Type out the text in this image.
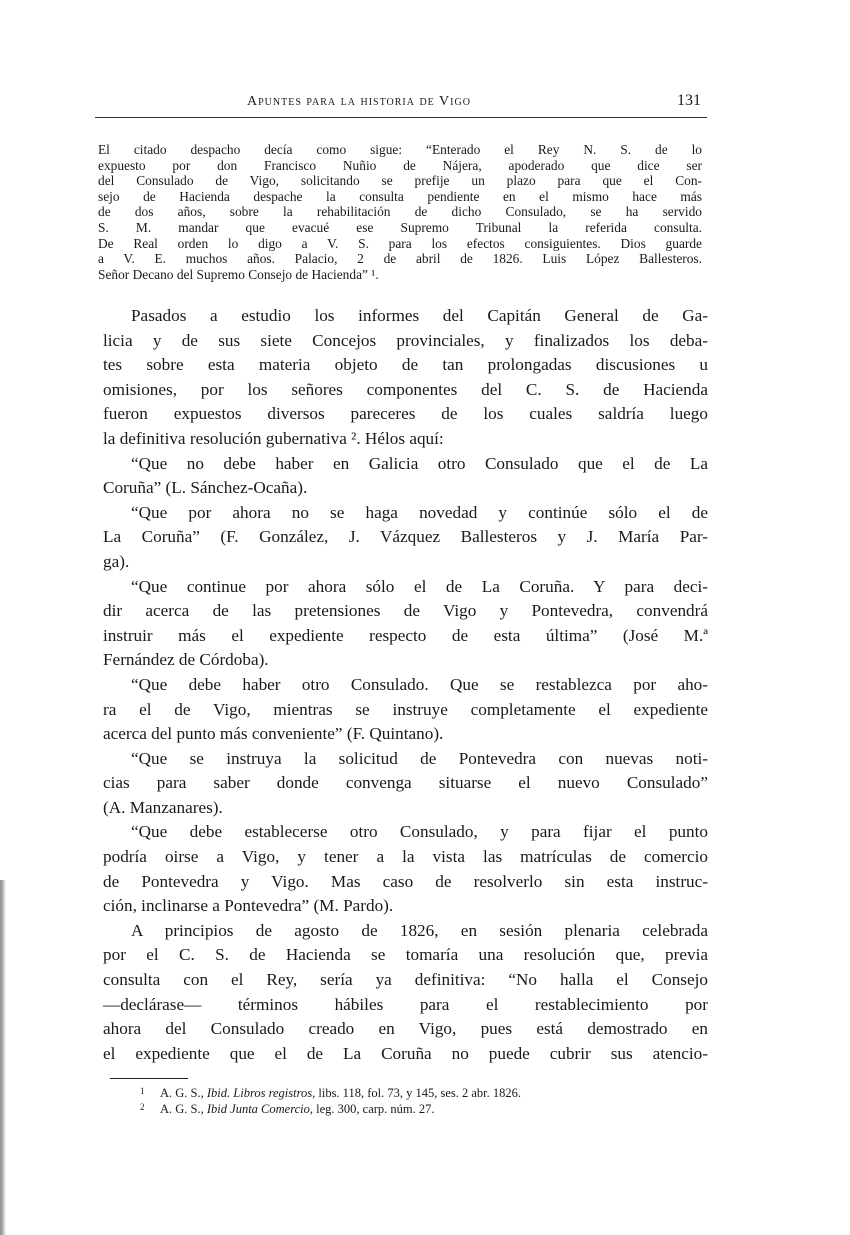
Apuntes para la historia de Vigo	131
El citado despacho decía como sigue: “Enterado el Rey N. S. de lo
expuesto por don Francisco Nuñio de Nájera, apoderado que dice ser
del Consulado de Vigo, solicitando se prefije un plazo para que el Con-
sejo de Hacienda despache la consulta pendiente en el mismo hace más
de dos años, sobre la rehabilitación de dicho Consulado, se ha servido
S. M. mandar que evacué ese Supremo Tribunal la referida consulta.
De Real orden lo digo a V. S. para los efectos consiguientes. Dios guarde
a V. E. muchos años. Palacio, 2 de abril de 1826. Luis López Ballesteros.
Señor Decano del Supremo Consejo de Hacienda” ¹.
Pasados a estudio los informes del Capitán General de Ga-
licia y de sus siete Concejos provinciales, y finalizados los deba-
tes sobre esta materia objeto de tan prolongadas discusiones u
omisiones, por los señores componentes del C. S. de Hacienda
fueron expuestos diversos pareceres de los cuales saldría luego
la definitiva resolución gubernativa ². Hélos aquí:
“Que no debe haber en Galicia otro Consulado que el de La
Coruña” (L. Sánchez-Ocaña).
“Que por ahora no se haga novedad y continúe sólo el de
La Coruña” (F. González, J. Vázquez Ballesteros y J. María Par-
ga).
“Que continue por ahora sólo el de La Coruña. Y para deci-
dir acerca de las pretensiones de Vigo y Pontevedra, convendrá
instruir más el expediente respecto de esta última” (José M.ª
Fernández de Córdoba).
“Que debe haber otro Consulado. Que se restablezca por aho-
ra el de Vigo, mientras se instruye completamente el expediente
acerca del punto más conveniente” (F. Quintano).
“Que se instruya la solicitud de Pontevedra con nuevas noti-
cias para saber donde convenga situarse el nuevo Consulado”
(A. Manzanares).
“Que debe establecerse otro Consulado, y para fijar el punto
podría oirse a Vigo, y tener a la vista las matrículas de comercio
de Pontevedra y Vigo. Mas caso de resolverlo sin esta instruc-
ción, inclinarse a Pontevedra” (M. Pardo).
A principios de agosto de 1826, en sesión plenaria celebrada
por el C. S. de Hacienda se tomaría una resolución que, previa
consulta con el Rey, sería ya definitiva: “No halla el Consejo
—declárase— términos hábiles para el restablecimiento por
ahora del Consulado creado en Vigo, pues está demostrado en
el expediente que el de La Coruña no puede cubrir sus atencio-
1 A. G. S., Ibid. Libros registros, libs. 118, fol. 73, y 145, ses. 2 abr. 1826.
2 A. G. S., Ibid Junta Comercio, leg. 300, carp. núm. 27.
